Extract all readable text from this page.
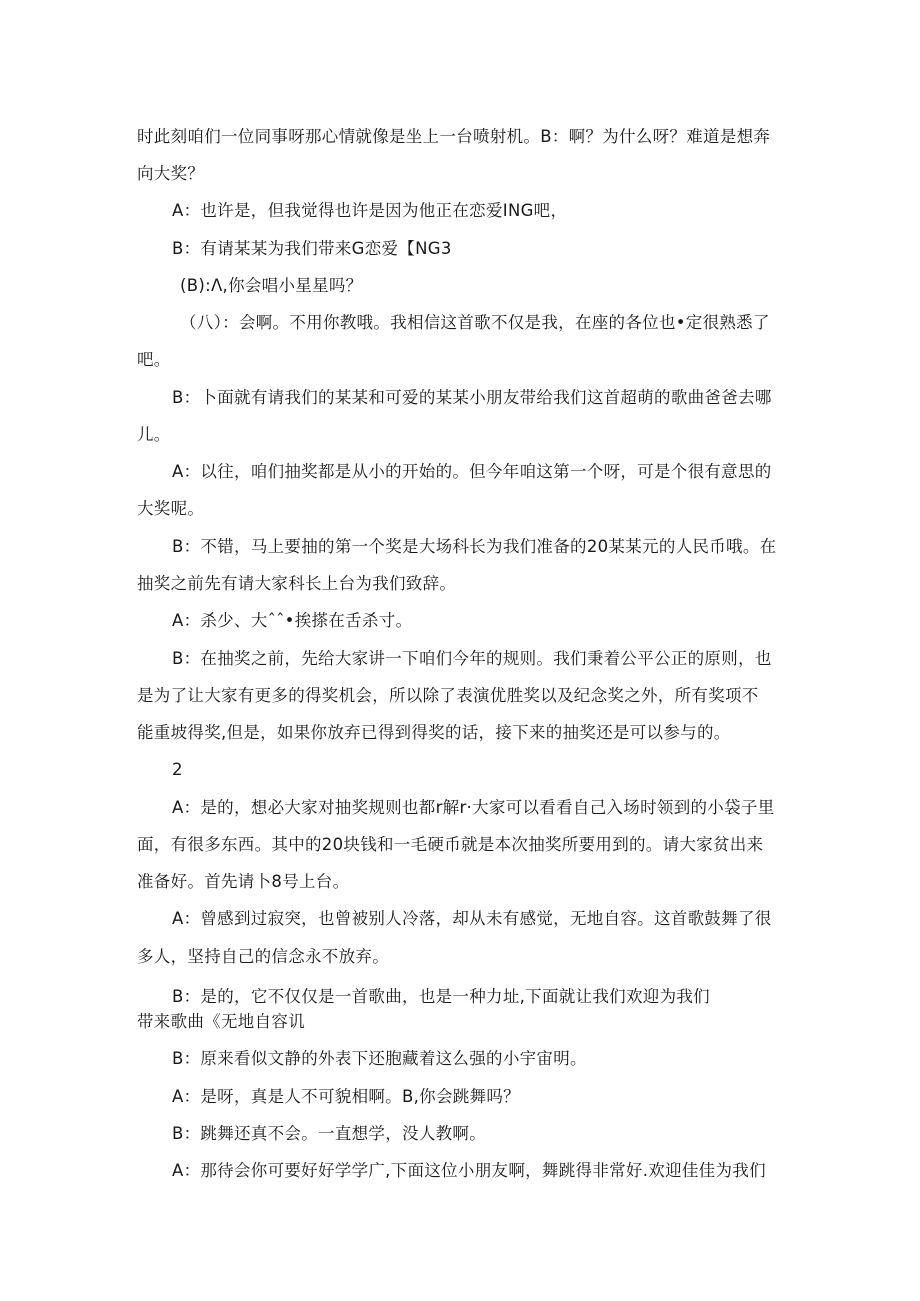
时此刻咱们一位同事呀那心情就像是坐上一台喷射机。B：啊？为什么呀？难道是想奔
向大奖？
A：也许是，但我觉得也许是因为他正在恋爱ING吧，
B：有请某某为我们带来G恋爱【NG3
(B):Λ,你会唱小星星吗？
（八）：会啊。不用你教哦。我相信这首歌不仅是我，在座的各位也•定很熟悉了
吧。
B：卜面就有请我们的某某和可爱的某某小朋友带给我们这首超萌的歌曲爸爸去哪
儿。
A：以往，咱们抽奖都是从小的开始的。但今年咱这第一个呀，可是个很有意思的
大奖呢。
B：不错，马上要抽的第一个奖是大场科长为我们准备的20某某元的人民币哦。在
抽奖之前先有请大家科长上台为我们致辞。
A：杀少、大ˆˆ•挨搽在舌杀寸。
B：在抽奖之前，先给大家讲一下咱们今年的规则。我们秉着公平公正的原则，也
是为了让大家有更多的得奖机会，所以除了表演优胜奖以及纪念奖之外，所有奖项不
能重坡得奖,但是，如果你放弃已得到得奖的话，接下来的抽奖还是可以参与的。
2
A：是的，想必大家对抽奖规则也都r解r·大家可以看看自己入场时领到的小袋子里
面，有很多东西。其中的20块钱和一毛硬币就是本次抽奖所要用到的。请大家贫出来
准备好。首先请卜8号上台。
A：曾感到过寂突，也曾被别人冷落，却从未有感觉，无地自容。这首歌鼓舞了很
多人，坚持自己的信念永不放弃。
B：是的，它不仅仅是一首歌曲，也是一种力址,下面就让我们欢迎为我们
带来歌曲《无地自容讥
B：原来看似文静的外表下还胞藏着这么强的小宇宙明。
A：是呀，真是人不可貌相啊。B,你会跳舞吗？
B：跳舞还真不会。一直想学，没人教啊。
A：那待会你可要好好学学广,下面这位小朋友啊，舞跳得非常好.欢迎佳佳为我们
